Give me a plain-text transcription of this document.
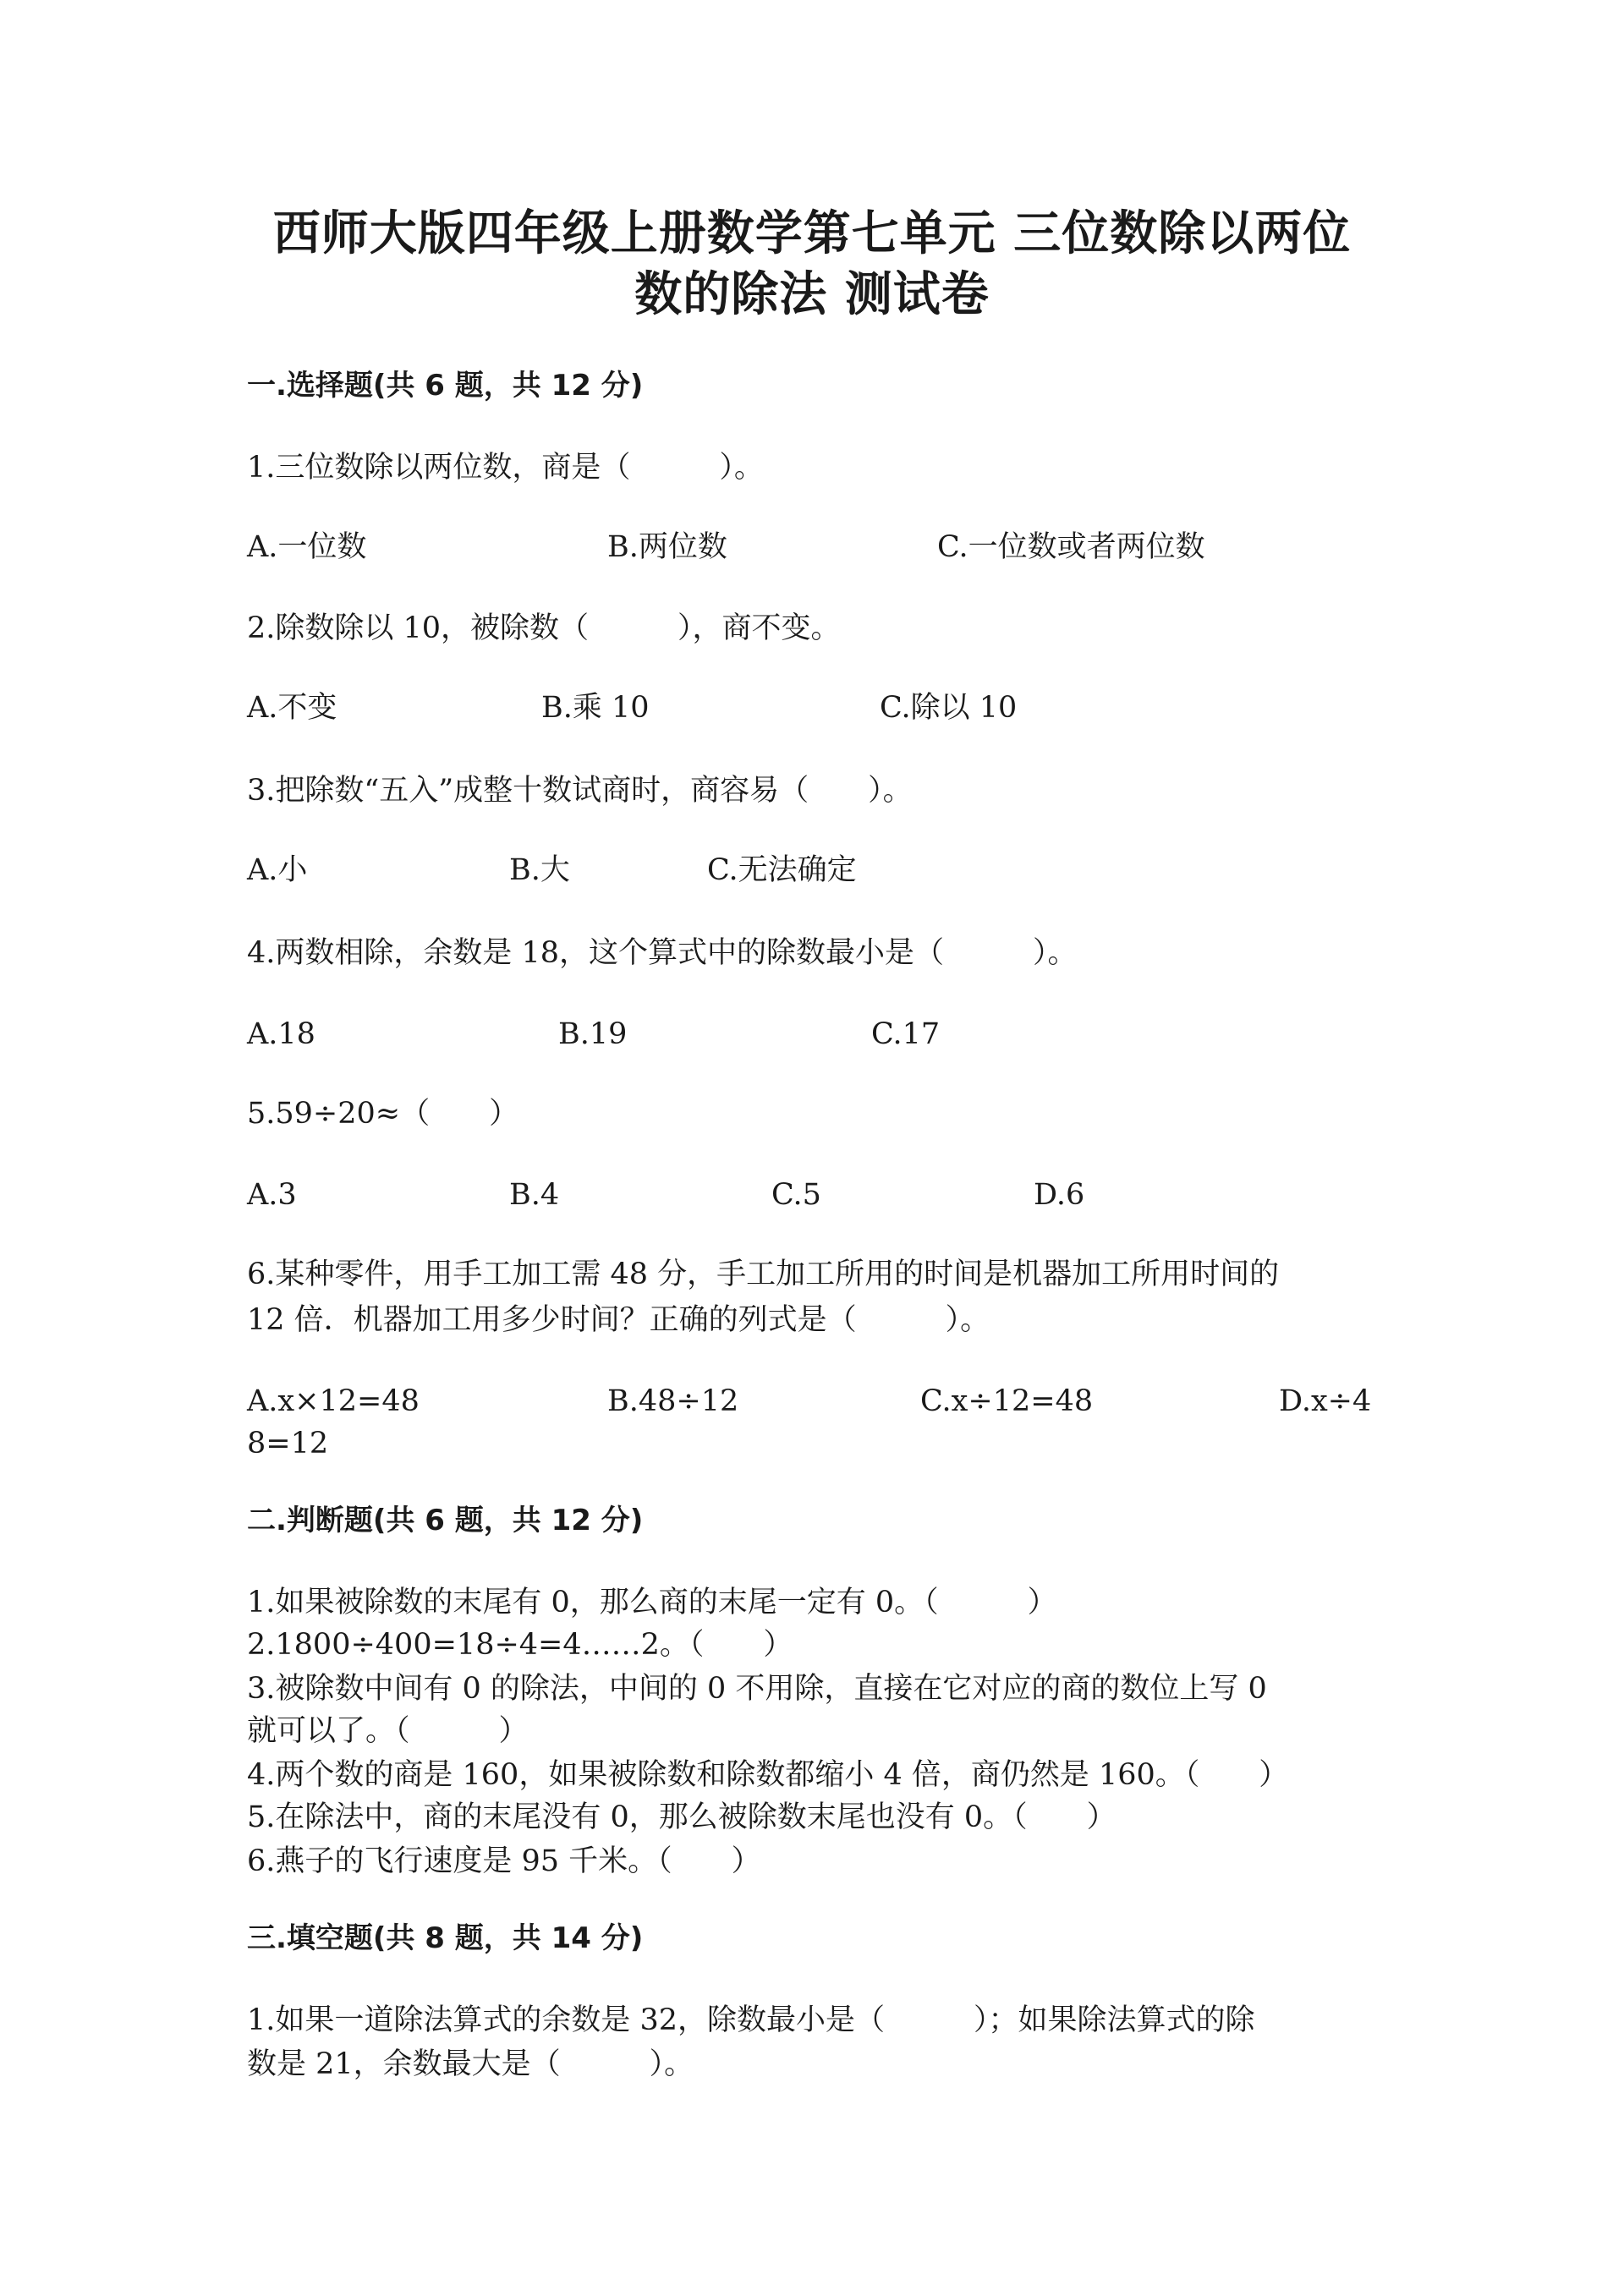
西师大版四年级上册数学第七单元 三位数除以两位
数的除法 测试卷
一.选择题(共 6 题，共 12 分)
1.三位数除以两位数，商是（　　　）。
A.一位数	B.两位数	C.一位数或者两位数
2.除数除以 10，被除数（　　　），商不变。
A.不变	B.乘 10	C.除以 10
3.把除数“五入”成整十数试商时，商容易（　　）。
A.小	B.大	C.无法确定
4.两数相除，余数是 18，这个算式中的除数最小是（　　　）。
A.18	B.19	C.17
5.59÷20≈（　　）
A.3	B.4	C.5	D.6
6.某种零件，用手工加工需 48 分，手工加工所用的时间是机器加工所用时间的
12 倍．机器加工用多少时间？正确的列式是（　　　）。
A.x×12=48	B.48÷12	C.x÷12=48	D.x÷4
8=12
二.判断题(共 6 题，共 12 分)
1.如果被除数的末尾有 0，那么商的末尾一定有 0。（　　　）
2.1800÷400=18÷4=4……2。（　　）
3.被除数中间有 0 的除法，中间的 0 不用除，直接在它对应的商的数位上写 0
就可以了。（　　　）
4.两个数的商是 160，如果被除数和除数都缩小 4 倍，商仍然是 160。（　　）
5.在除法中，商的末尾没有 0，那么被除数末尾也没有 0。（　　）
6.燕子的飞行速度是 95 千米。（　　）
三.填空题(共 8 题，共 14 分)
1.如果一道除法算式的余数是 32，除数最小是（　　　）；如果除法算式的除
数是 21，余数最大是（　　　）。
